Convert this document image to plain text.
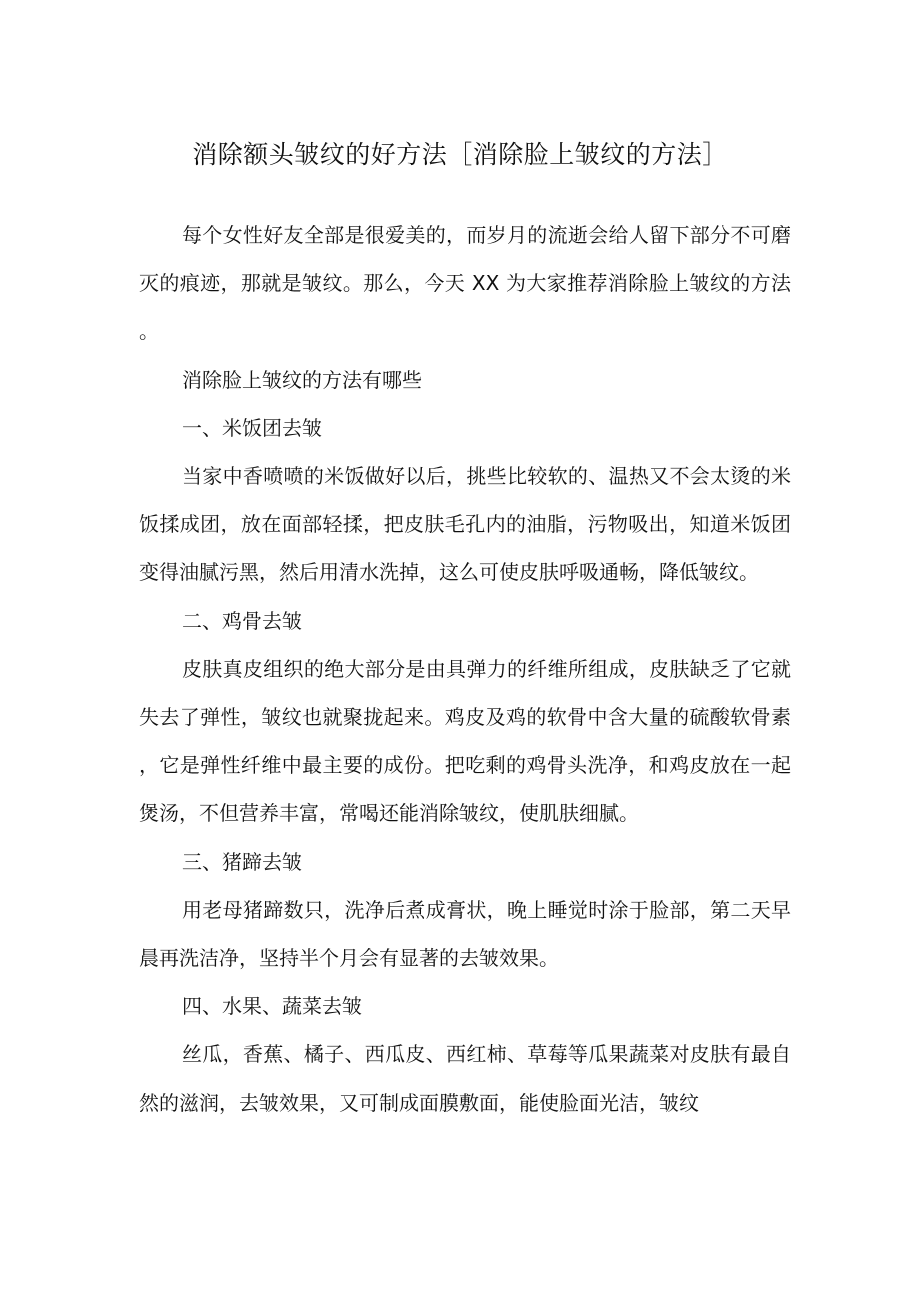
消除额头皱纹的好方法［消除脸上皱纹的方法］

每个女性好友全部是很爱美的，而岁月的流逝会给人留下部分不可磨灭的痕迹，那就是皱纹。那么，今天 XX 为大家推荐消除脸上皱纹的方法。

消除脸上皱纹的方法有哪些

一、米饭团去皱

当家中香喷喷的米饭做好以后，挑些比较软的、温热又不会太烫的米饭揉成团，放在面部轻揉，把皮肤毛孔内的油脂，污物吸出，知道米饭团变得油腻污黑，然后用清水洗掉，这么可使皮肤呼吸通畅，降低皱纹。

二、鸡骨去皱

皮肤真皮组织的绝大部分是由具弹力的纤维所组成，皮肤缺乏了它就失去了弹性，皱纹也就聚拢起来。鸡皮及鸡的软骨中含大量的硫酸软骨素，它是弹性纤维中最主要的成份。把吃剩的鸡骨头洗净，和鸡皮放在一起煲汤，不但营养丰富，常喝还能消除皱纹，使肌肤细腻。

三、猪蹄去皱

用老母猪蹄数只，洗净后煮成膏状，晚上睡觉时涂于脸部，第二天早晨再洗洁净，坚持半个月会有显著的去皱效果。

四、水果、蔬菜去皱

丝瓜，香蕉、橘子、西瓜皮、西红柿、草莓等瓜果蔬菜对皮肤有最自然的滋润，去皱效果，又可制成面膜敷面，能使脸面光洁，皱纹
